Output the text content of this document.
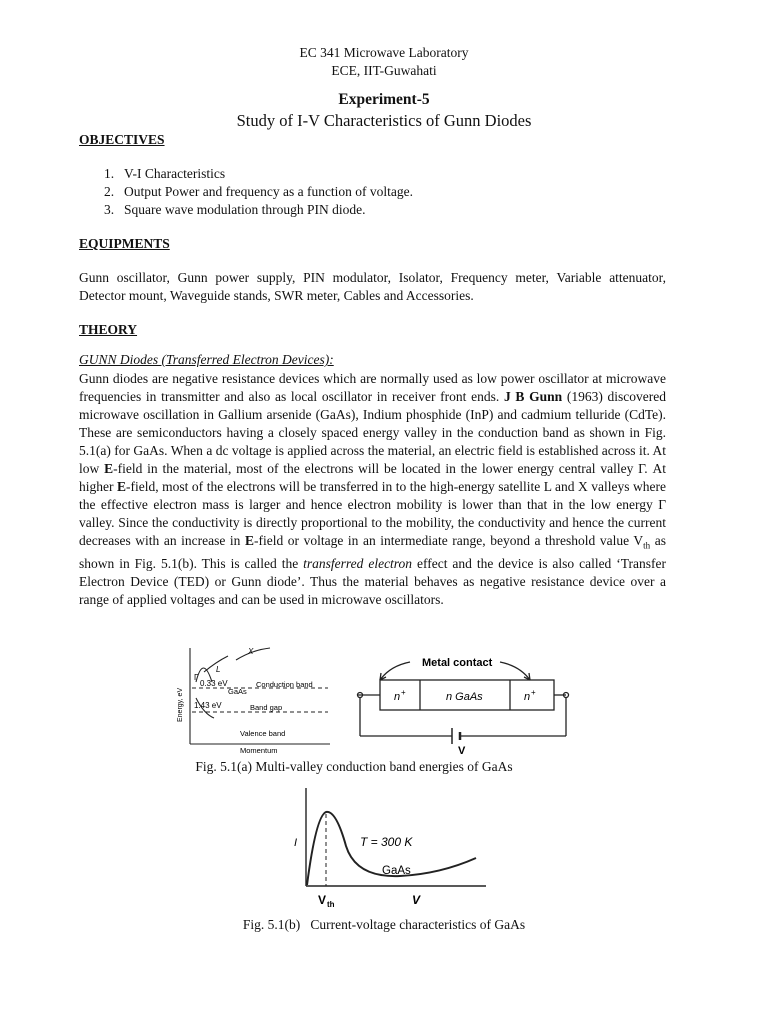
EC 341 Microwave Laboratory
ECE, IIT-Guwahati
Experiment-5
Study of I-V Characteristics of Gunn Diodes
OBJECTIVES
1. V-I Characteristics
2. Output Power and frequency as a function of voltage.
3. Square wave modulation through PIN diode.
EQUIPMENTS
Gunn oscillator, Gunn power supply, PIN modulator, Isolator, Frequency meter, Variable attenuator, Detector mount, Waveguide stands, SWR meter, Cables and Accessories.
THEORY
GUNN Diodes (Transferred Electron Devices):
Gunn diodes are negative resistance devices which are normally used as low power oscillator at microwave frequencies in transmitter and also as local oscillator in receiver front ends. J B Gunn (1963) discovered microwave oscillation in Gallium arsenide (GaAs), Indium phosphide (InP) and cadmium telluride (CdTe). These are semiconductors having a closely spaced energy valley in the conduction band as shown in Fig. 5.1(a) for GaAs. When a dc voltage is applied across the material, an electric field is established across it. At low E-field in the material, most of the electrons will be located in the lower energy central valley Γ. At higher E-field, most of the electrons will be transferred in to the high-energy satellite L and X valleys where the effective electron mass is larger and hence electron mobility is lower than that in the low energy Γ valley. Since the conductivity is directly proportional to the mobility, the conductivity and hence the current decreases with an increase in E-field or voltage in an intermediate range, beyond a threshold value $V_{th}$ as shown in Fig. 5.1(b). This is called the transferred electron effect and the device is also called ‘Transfer Electron Device (TED) or Gunn diode’. Thus the material behaves as negative resistance device over a range of applied voltages and can be used in microwave oscillators.
X
L
Γ
0.33 eV
GaAs
Conduction band
1.43 eV	Band gap
Valence band
Momentum
Energy, eV
Metal contact
n +	n GaAs	n +
V
Fig. 5.1(a) Multi-valley conduction band energies of GaAs
I	T = 300 K
GaAs
V th	V
Fig. 5.1(b)   Current-voltage characteristics of GaAs
